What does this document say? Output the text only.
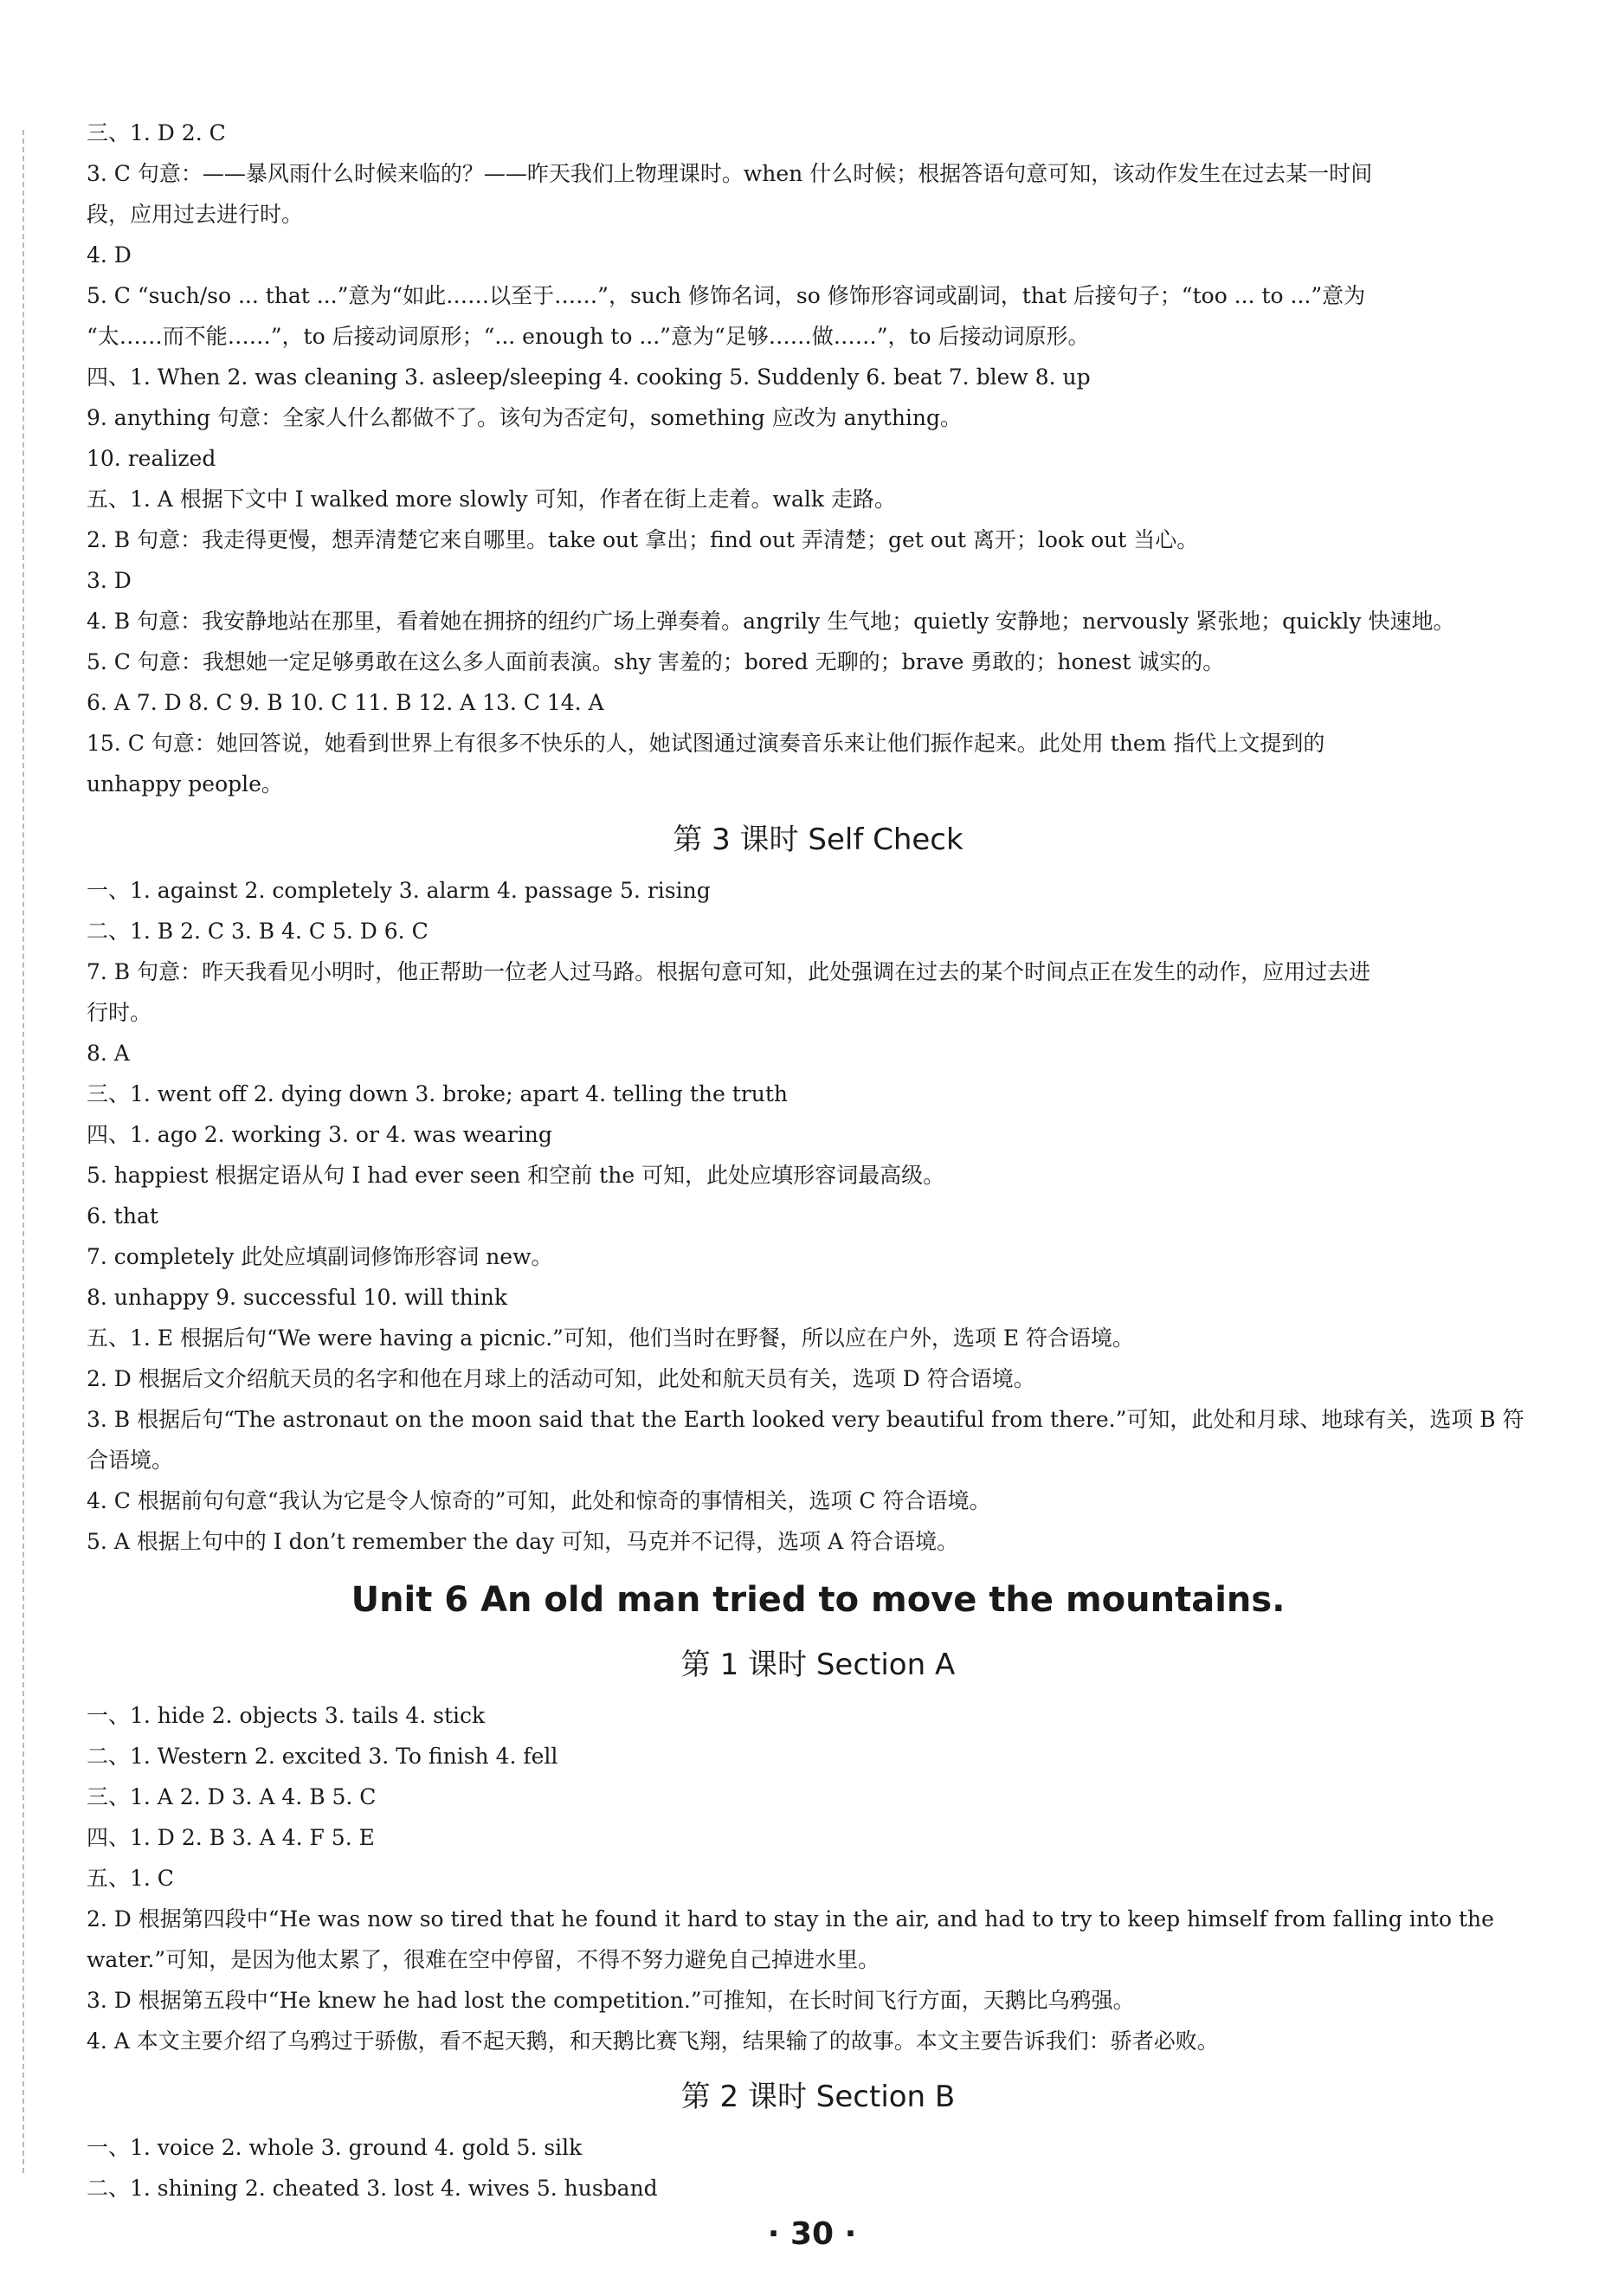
三、1. D 2. C
3. C 句意：——暴风雨什么时候来临的？——昨天我们上物理课时。when 什么时候；根据答语句意可知，该动作发生在过去某一时间
段，应用过去进行时。
4. D
5. C “such/so ... that ...”意为“如此……以至于……”，such 修饰名词，so 修饰形容词或副词，that 后接句子；“too ... to ...”意为
“太……而不能……”，to 后接动词原形；“... enough to ...”意为“足够……做……”，to 后接动词原形。
四、1. When 2. was cleaning 3. asleep/sleeping 4. cooking 5. Suddenly 6. beat 7. blew 8. up
9. anything 句意：全家人什么都做不了。该句为否定句，something 应改为 anything。
10. realized
五、1. A 根据下文中 I walked more slowly 可知，作者在街上走着。walk 走路。
2. B 句意：我走得更慢，想弄清楚它来自哪里。take out 拿出；find out 弄清楚；get out 离开；look out 当心。
3. D
4. B 句意：我安静地站在那里，看着她在拥挤的纽约广场上弹奏着。angrily 生气地；quietly 安静地；nervously 紧张地；quickly 快速地。
5. C 句意：我想她一定足够勇敢在这么多人面前表演。shy 害羞的；bored 无聊的；brave 勇敢的；honest 诚实的。
6. A 7. D 8. C 9. B 10. C 11. B 12. A 13. C 14. A
15. C 句意：她回答说，她看到世界上有很多不快乐的人，她试图通过演奏音乐来让他们振作起来。此处用 them 指代上文提到的
unhappy people。
第 3 课时 Self Check
一、1. against 2. completely 3. alarm 4. passage 5. rising
二、1. B 2. C 3. B 4. C 5. D 6. C
7. B 句意：昨天我看见小明时，他正帮助一位老人过马路。根据句意可知，此处强调在过去的某个时间点正在发生的动作，应用过去进
行时。
8. A
三、1. went off 2. dying down 3. broke; apart 4. telling the truth
四、1. ago 2. working 3. or 4. was wearing
5. happiest 根据定语从句 I had ever seen 和空前 the 可知，此处应填形容词最高级。
6. that
7. completely 此处应填副词修饰形容词 new。
8. unhappy 9. successful 10. will think
五、1. E 根据后句“We were having a picnic.”可知，他们当时在野餐，所以应在户外，选项 E 符合语境。
2. D 根据后文介绍航天员的名字和他在月球上的活动可知，此处和航天员有关，选项 D 符合语境。
3. B 根据后句“The astronaut on the moon said that the Earth looked very beautiful from there.”可知，此处和月球、地球有关，选项 B 符
合语境。
4. C 根据前句句意“我认为它是令人惊奇的”可知，此处和惊奇的事情相关，选项 C 符合语境。
5. A 根据上句中的 I don’t remember the day 可知，马克并不记得，选项 A 符合语境。
Unit 6 An old man tried to move the mountains.
第 1 课时 Section A
一、1. hide 2. objects 3. tails 4. stick
二、1. Western 2. excited 3. To finish 4. fell
三、1. A 2. D 3. A 4. B 5. C
四、1. D 2. B 3. A 4. F 5. E
五、1. C
2. D 根据第四段中“He was now so tired that he found it hard to stay in the air, and had to try to keep himself from falling into the
water.”可知，是因为他太累了，很难在空中停留，不得不努力避免自己掉进水里。
3. D 根据第五段中“He knew he had lost the competition.”可推知，在长时间飞行方面，天鹅比乌鸦强。
4. A 本文主要介绍了乌鸦过于骄傲，看不起天鹅，和天鹅比赛飞翔，结果输了的故事。本文主要告诉我们：骄者必败。
第 2 课时 Section B
一、1. voice 2. whole 3. ground 4. gold 5. silk
二、1. shining 2. cheated 3. lost 4. wives 5. husband
· 30 ·
